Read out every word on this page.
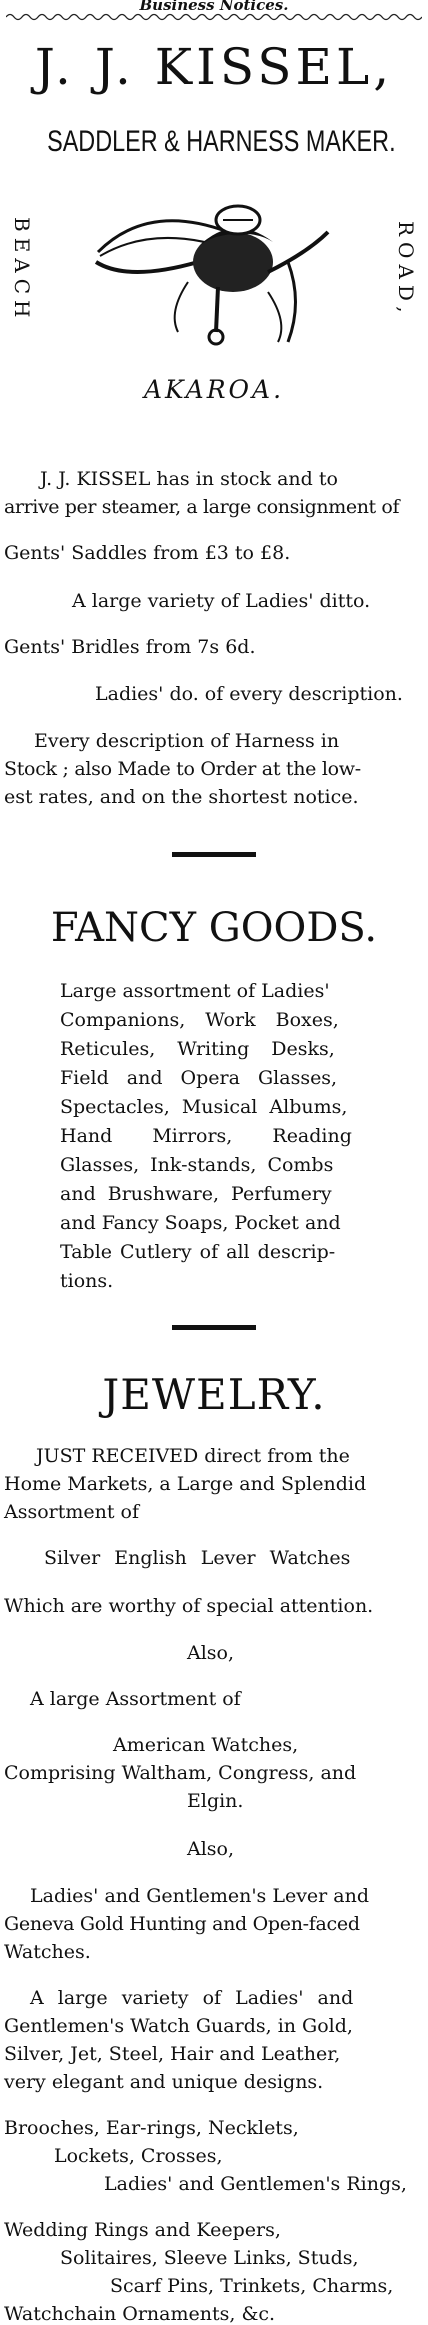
Business Notices.
J. J. KISSEL,
SADDLER & HARNESS MAKER.
BEACH	ROAD,
AKAROA.
J. J. KISSEL has in stock and to
arrive per steamer, a large consignment of
Gents' Saddles from £3 to £8.
A large variety of Ladies' ditto.
Gents' Bridles from 7s 6d.
Ladies' do. of every description.
Every description of Harness in
Stock ; also Made to Order at the low-
est rates, and on the shortest notice.
FANCY GOODS.
Large assortment of Ladies'
Companions, Work Boxes,
Reticules, Writing Desks,
Field and Opera Glasses,
Spectacles, Musical Albums,
Hand Mirrors, Reading
Glasses, Ink-stands, Combs
and Brushware, Perfumery
and Fancy Soaps, Pocket and
Table Cutlery of all descrip-
tions.
JEWELRY.
JUST RECEIVED direct from the
Home Markets, a Large and Splendid
Assortment of
Silver English Lever Watches
Which are worthy of special attention.
Also,
A large Assortment of
American Watches,
Comprising Waltham, Congress, and
Elgin.
Also,
Ladies' and Gentlemen's Lever and
Geneva Gold Hunting and Open-faced
Watches.
A large variety of Ladies' and
Gentlemen's Watch Guards, in Gold,
Silver, Jet, Steel, Hair and Leather,
very elegant and unique designs.
Brooches, Ear-rings, Necklets,
Lockets, Crosses,
Ladies' and Gentlemen's Rings,
Wedding Rings and Keepers,
Solitaires, Sleeve Links, Studs,
Scarf Pins, Trinkets, Charms,
Watchchain Ornaments, &c.
